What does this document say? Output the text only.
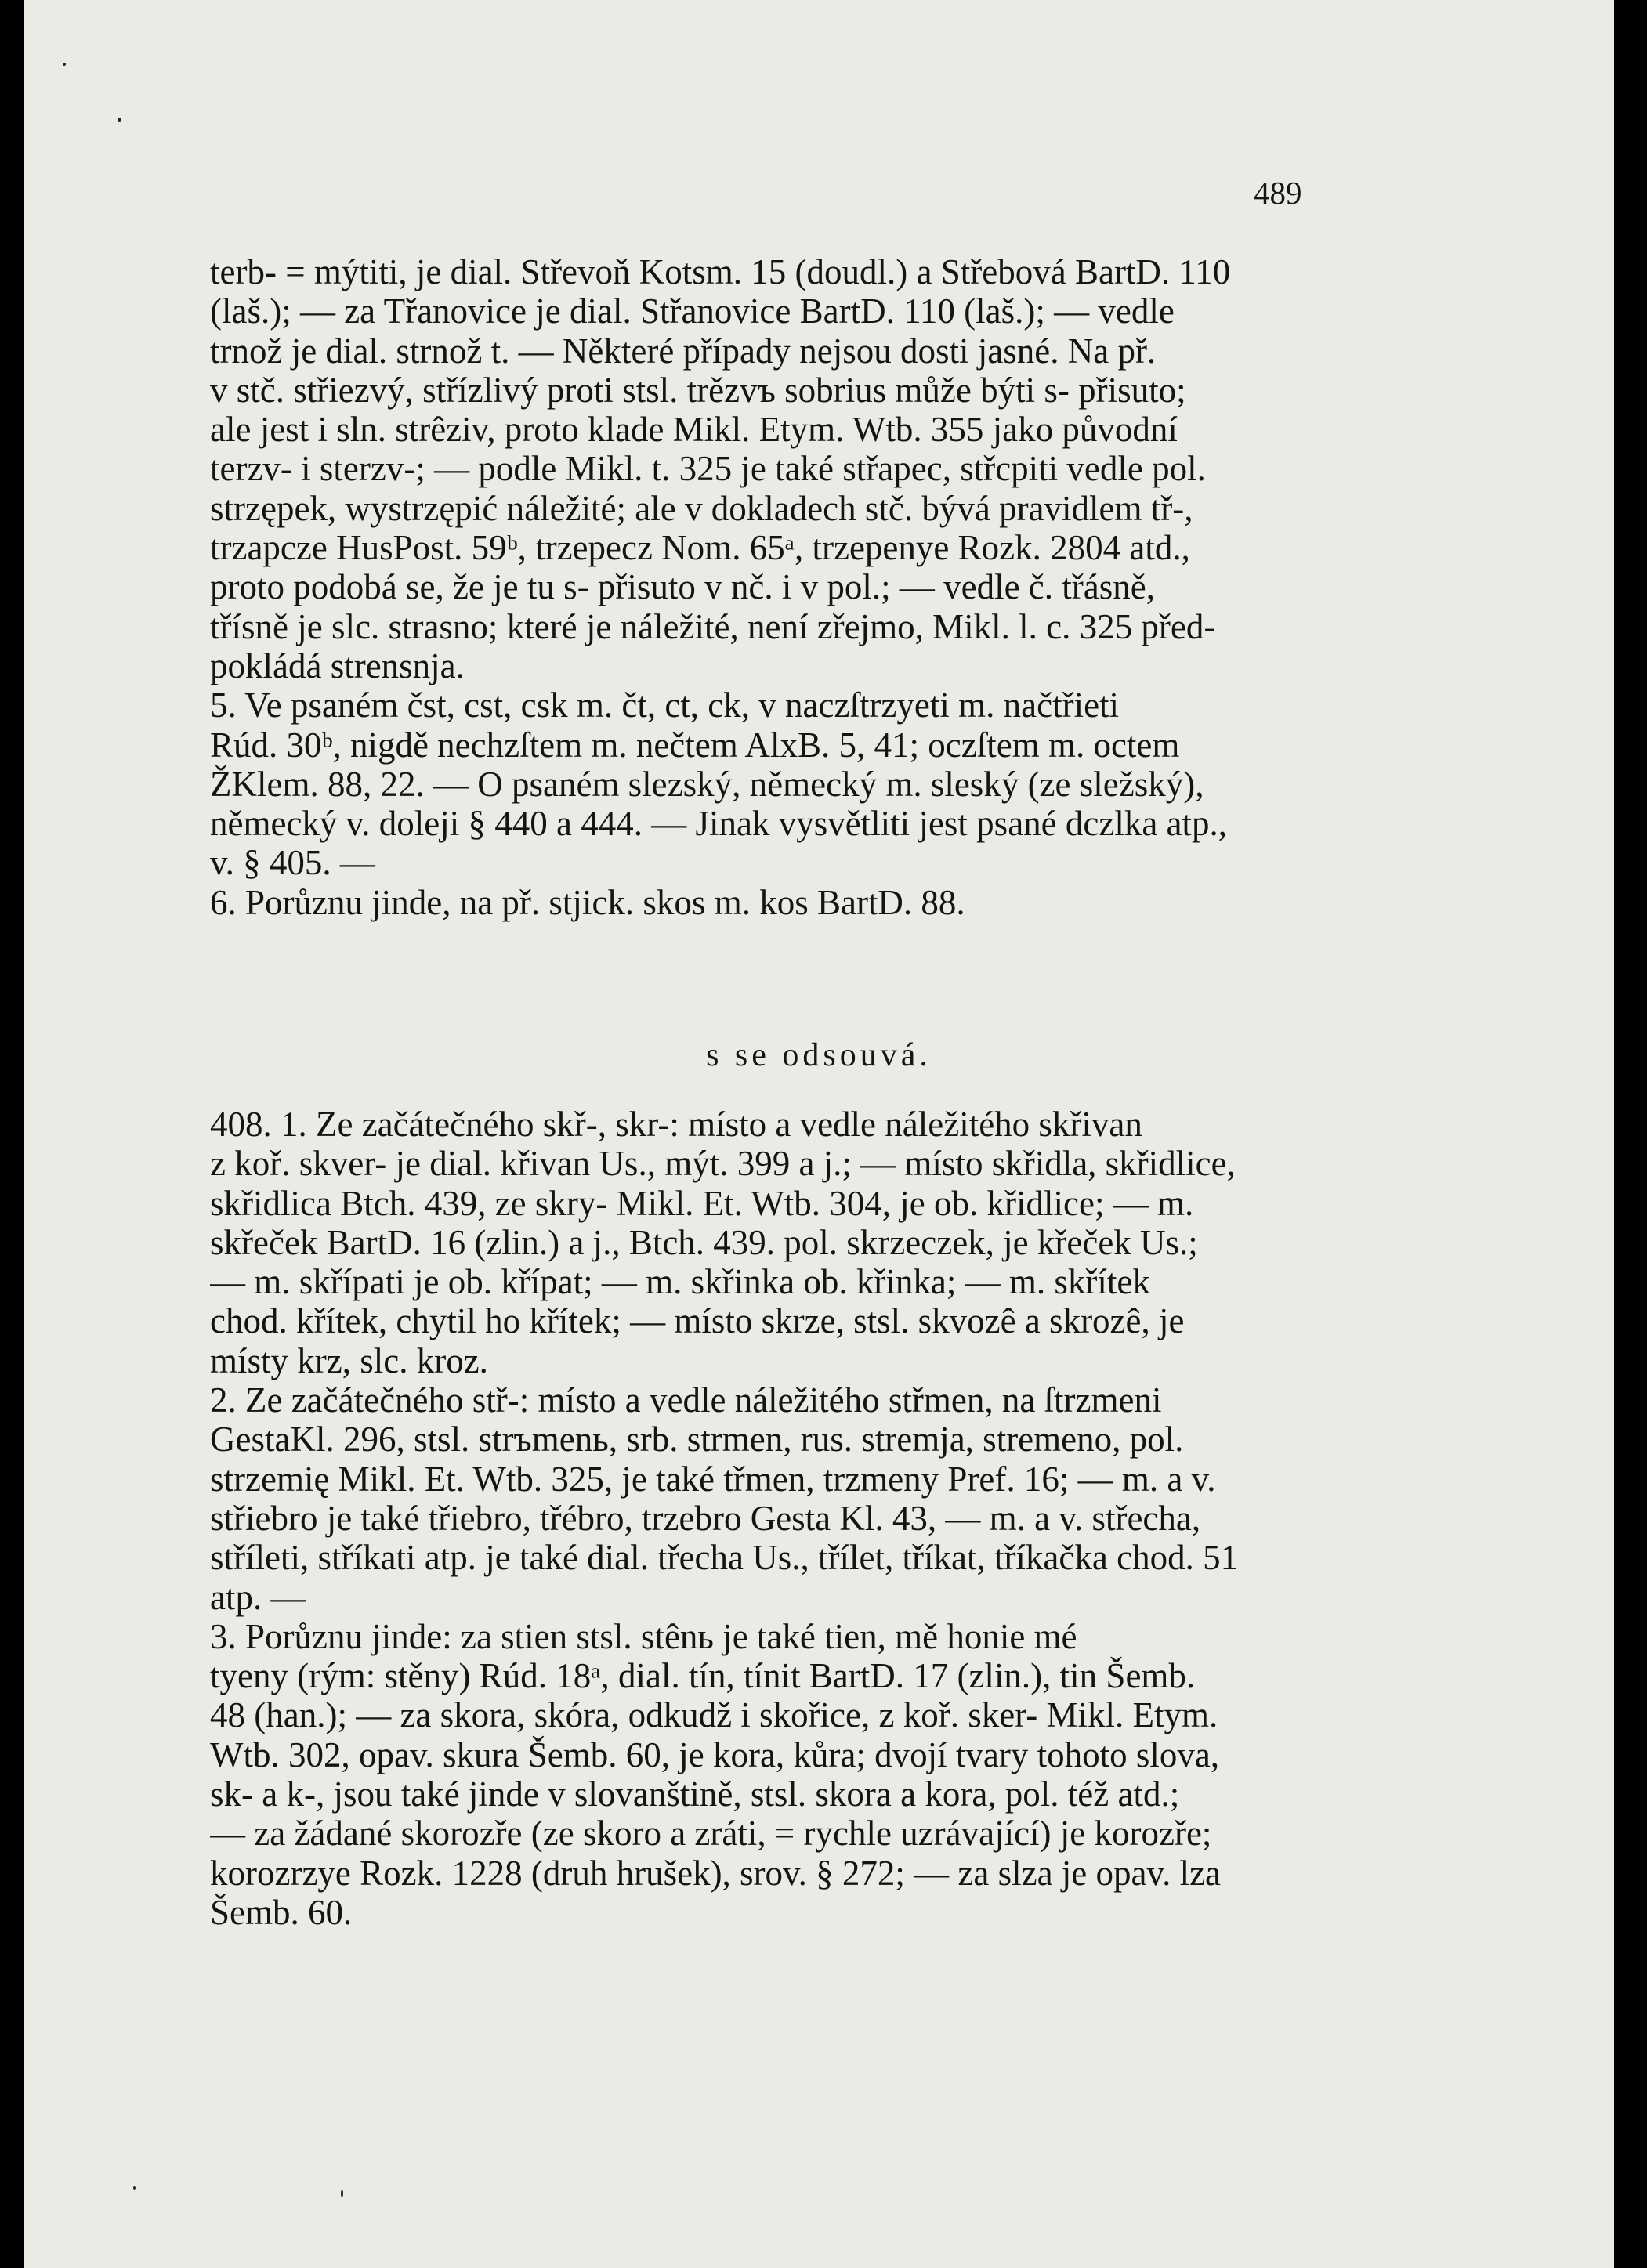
489
terb- = mýtiti, je dial. Střevoň Kotsm. 15 (doudl.) a Střebová BartD. 110
(laš.); — za Třanovice je dial. Střanovice BartD. 110 (laš.); — vedle
trnož je dial. strnož t. — Některé případy nejsou dosti jasné. Na př.
v stč. střiezvý, střízlivý proti stsl. trězvъ sobrius může býti s- přisuto;
ale jest i sln. strêziv, proto klade Mikl. Etym. Wtb. 355 jako původní
terzv- i sterzv-; — podle Mikl. t. 325 je také střapec, střcpiti vedle pol.
strzępek, wystrzępić náležité; ale v dokladech stč. bývá pravidlem tř-,
trzapcze HusPost. 59ᵇ, trzepecz Nom. 65ᵃ, trzepenye Rozk. 2804 atd.,
proto podobá se, že je tu s- přisuto v nč. i v pol.; — vedle č. třásně,
třísně je slc. strasno; které je náležité, není zřejmo, Mikl. l. c. 325 před-
pokládá strensnja.
5. Ve psaném čst, cst, csk m. čt, ct, ck, v naczſtrzyeti m. načtřieti
Rúd. 30ᵇ, nigdě nechzſtem m. nečtem AlxB. 5, 41; oczſtem m. octem
ŽKlem. 88, 22. — O psaném slezský, německý m. sleský (ze sležský),
německý v. doleji § 440 a 444. — Jinak vysvětliti jest psané dczlka atp.,
v. § 405. —
6. Porůznu jinde, na př. stjick. skos m. kos BartD. 88.
s se odsouvá.
408. 1. Ze začátečného skř-, skr-: místo a vedle náležitého skřivan
z koř. skver- je dial. křivan Us., mýt. 399 a j.; — místo skřidla, skřidlice,
skřidlica Btch. 439, ze skry- Mikl. Et. Wtb. 304, je ob. křidlice; — m.
skřeček BartD. 16 (zlin.) a j., Btch. 439. pol. skrzeczek, je křeček Us.;
— m. skřípati je ob. křípat; — m. skřinka ob. křinka; — m. skřítek
chod. křítek, chytil ho křítek; — místo skrze, stsl. skvozê a skrozê, je
místy krz, slc. kroz.
2. Ze začátečného stř-: místo a vedle náležitého střmen, na ſtrzmeni
GestaKl. 296, stsl. strъmenь, srb. strmen, rus. stremja, stremeno, pol.
strzemię Mikl. Et. Wtb. 325, je také třmen, trzmeny Pref. 16; — m. a v.
střiebro je také třiebro, třébro, trzebro Gesta Kl. 43, — m. a v. střecha,
stříleti, stříkati atp. je také dial. třecha Us., třílet, tříkat, tříkačka chod. 51
atp. —
3. Porůznu jinde: za stien stsl. stênь je také tien, mě honie mé
tyeny (rým: stěny) Rúd. 18ᵃ, dial. tín, tínit BartD. 17 (zlin.), tin Šemb.
48 (han.); — za skora, skóra, odkudž i skořice, z koř. sker- Mikl. Etym.
Wtb. 302, opav. skura Šemb. 60, je kora, kůra; dvojí tvary tohoto slova,
sk- a k-, jsou také jinde v slovanštině, stsl. skora a kora, pol. též atd.;
— za žádané skorozře (ze skoro a zráti, = rychle uzrávající) je korozře;
korozrzye Rozk. 1228 (druh hrušek), srov. § 272; — za slza je opav. lza
Šemb. 60.
